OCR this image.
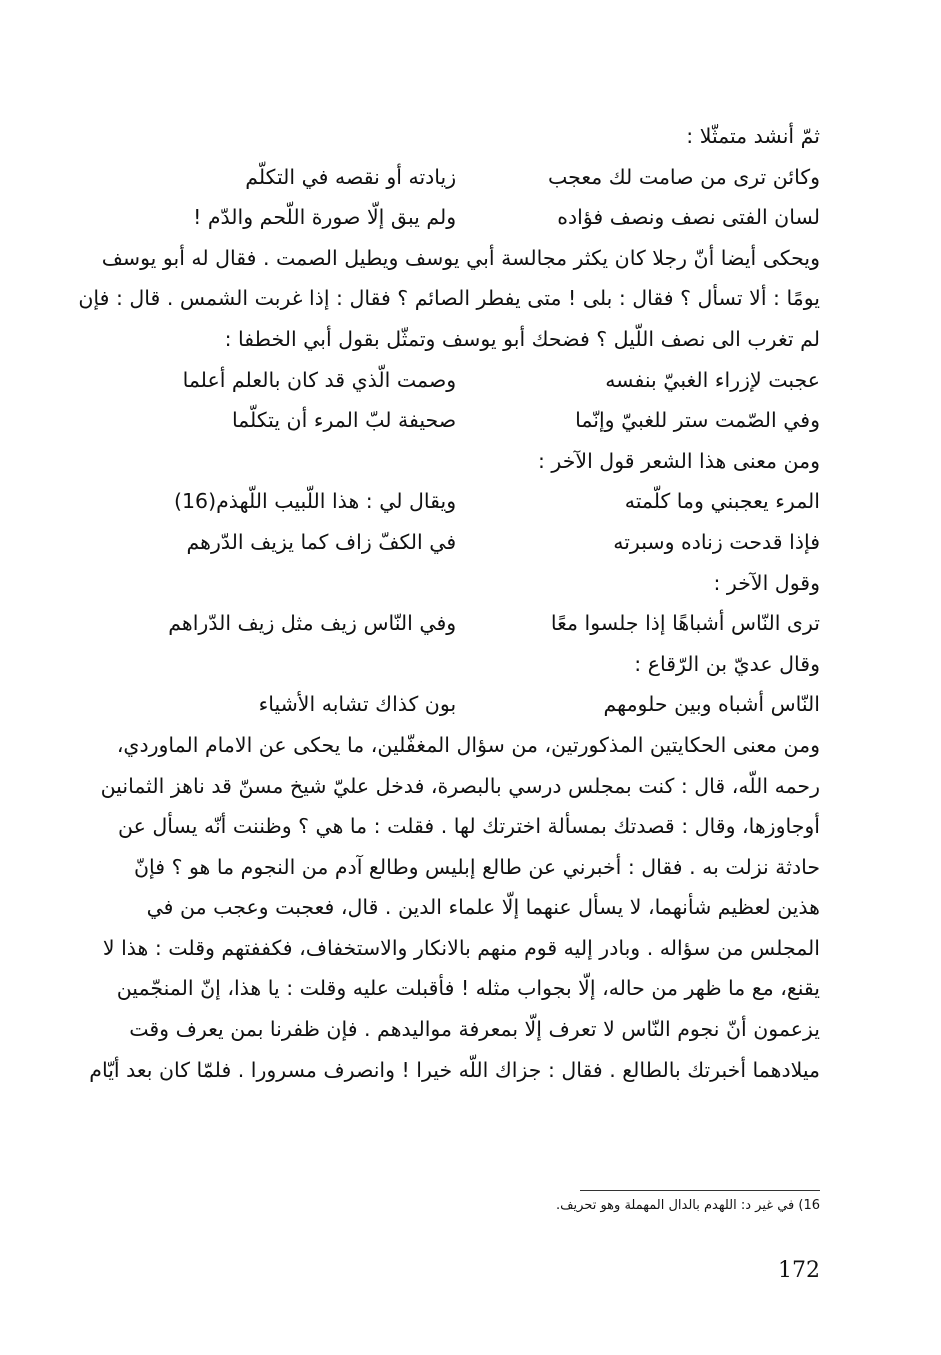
ثمّ أنشد متمثّلا :
وكائن ترى من صامت لك معجب
زيادته أو نقصه في التكلّم
لسان الفتى نصف ونصف فؤاده
ولم يبق إلّا صورة اللّحم والدّم !
ويحكى أيضا أنّ رجلا كان يكثر مجالسة أبي يوسف ويطيل الصمت . فقال له أبو يوسف
يومًا : ألا تسأل ؟ فقال : بلى ! متى يفطر الصائم ؟ فقال : إذا غربت الشمس . قال : فإن
لم تغرب الى نصف اللّيل ؟ فضحك أبو يوسف وتمثّل بقول أبي الخطفا :
عجبت لإزراء الغبيّ بنفسه
وصمت الّذي قد كان بالعلم أعلما
وفي الصّمت ستر للغبيّ وإنّما
صحيفة لبّ المرء أن يتكلّما
ومن معنى هذا الشعر قول الآخر :
المرء يعجبني وما كلّمته
ويقال لي : هذا اللّبيب اللّهذم(16)
فإذا قدحت زناده وسبرته
في الكفّ زاف كما يزيف الدّرهم
وقول الآخر :
ترى النّاس أشباهًا إذا جلسوا معًا
وفي النّاس زيف مثل زيف الدّراهم
وقال عديّ بن الرّقاع :
النّاس أشباه وبين حلومهم
بون كذاك تشابه الأشياء
ومن معنى الحكايتين المذكورتين، من سؤال المغفّلين، ما يحكى عن الامام الماوردي،
رحمه اللّه، قال : كنت بمجلس درسي بالبصرة، فدخل عليّ شيخ مسنّ قد ناهز الثمانين
أوجاوزها، وقال : قصدتك بمسألة اخترتك لها . فقلت : ما هي ؟ وظننت أنّه يسأل عن
حادثة نزلت به . فقال : أخبرني عن طالع إبليس وطالع آدم من النجوم ما هو ؟ فإنّ
هذين لعظيم شأنهما، لا يسأل عنهما إلّا علماء الدين . قال، فعجبت وعجب من في
المجلس من سؤاله . وبادر إليه قوم منهم بالانكار والاستخفاف، فكففتهم وقلت : هذا لا
يقنع، مع ما ظهر من حاله، إلّا بجواب مثله ! فأقبلت عليه وقلت : يا هذا، إنّ المنجّمين
يزعمون أنّ نجوم النّاس لا تعرف إلّا بمعرفة مواليدهم . فإن ظفرنا بمن يعرف وقت
ميلادهما أخبرتك بالطالع . فقال : جزاك اللّه خيرا ! وانصرف مسرورا . فلمّا كان بعد أيّام
16) في غير د: اللهدم بالدال المهملة وهو تحريف.
172
